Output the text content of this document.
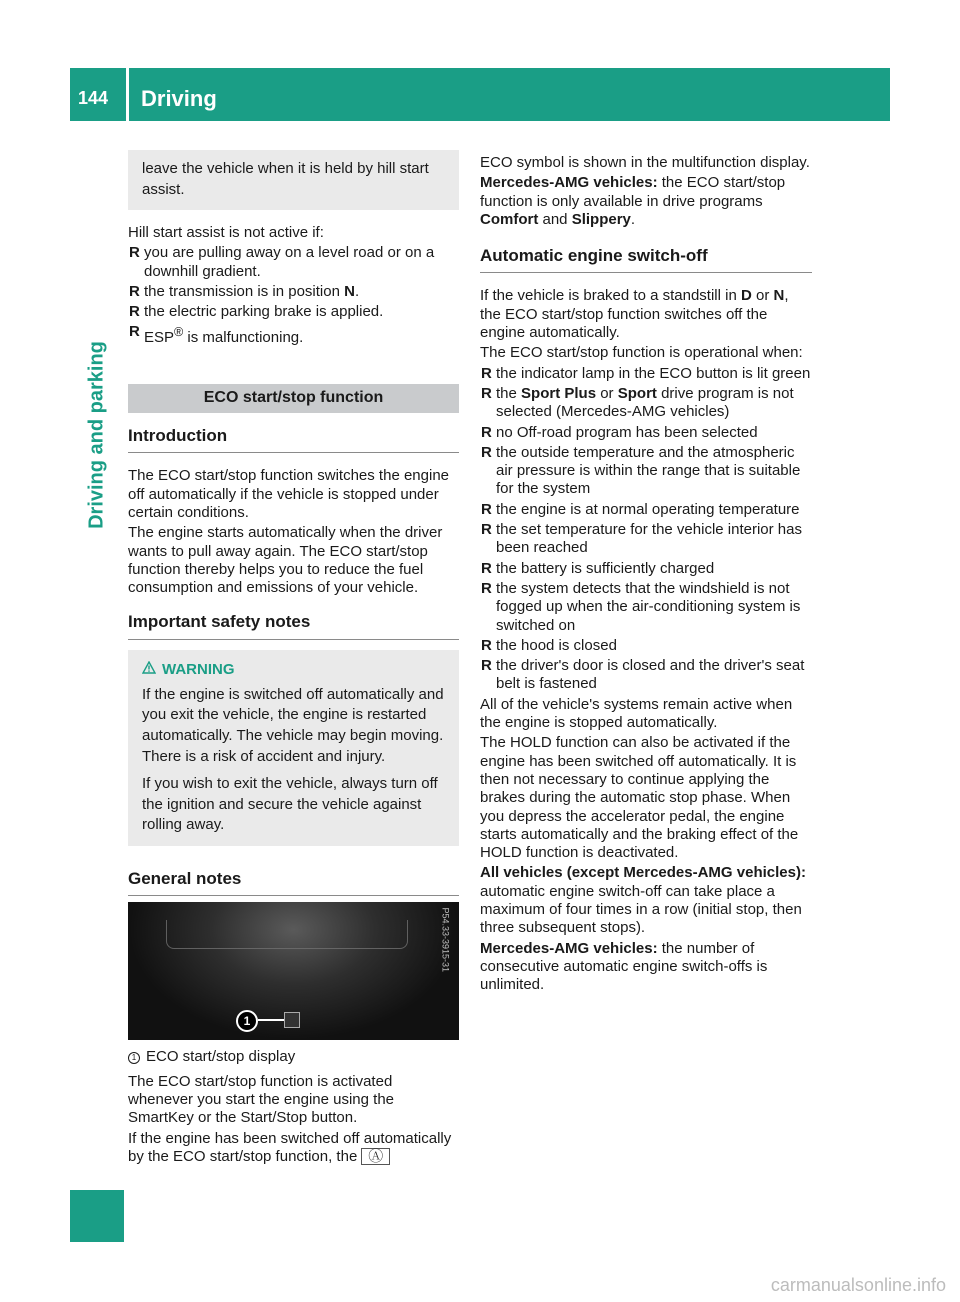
144 Driving
Driving and parking
leave the vehicle when it is held by hill start assist.

Hill start assist is not active if:

R you are pulling away on a level road or on a downhill gradient.
R the transmission is in position N.
R the electric parking brake is applied.
R ESP® is malfunctioning.
ECO start/stop function
Introduction

The ECO start/stop function switches the engine off automatically if the vehicle is stopped under certain conditions.

The engine starts automatically when the driver wants to pull away again. The ECO start/stop function thereby helps you to reduce the fuel consumption and emissions of your vehicle.

Important safety notes
WARNING

If the engine is switched off automatically and you exit the vehicle, the engine is restarted automatically. The vehicle may begin moving. There is a risk of accident and injury.

If you wish to exit the vehicle, always turn off the ignition and secure the vehicle against rolling away.

General notes
1
P54.33-3915-31

1 ECO start/stop display

The ECO start/stop function is activated whenever you start the engine using the SmartKey or the Start/Stop button.

If the engine has been switched off automatically by the ECO start/stop function, the Ⓐ

ECO symbol is shown in the multifunction display.

Mercedes-AMG vehicles: the ECO start/stop function is only available in drive programs Comfort and Slippery.

Automatic engine switch-off

If the vehicle is braked to a standstill in D or N, the ECO start/stop function switches off the engine automatically.

The ECO start/stop function is operational when:

R the indicator lamp in the ECO button is lit green
R the Sport Plus or Sport drive program is not selected (Mercedes-AMG vehicles)
R no Off-road program has been selected
R the outside temperature and the atmospheric air pressure is within the range that is suitable for the system
R the engine is at normal operating temperature
R the set temperature for the vehicle interior has been reached
R the battery is sufficiently charged
R the system detects that the windshield is not fogged up when the air-conditioning system is switched on
R the hood is closed
R the driver's door is closed and the driver's seat belt is fastened

All of the vehicle's systems remain active when the engine is stopped automatically.

The HOLD function can also be activated if the engine has been switched off automatically. It is then not necessary to continue applying the brakes during the automatic stop phase. When you depress the accelerator pedal, the engine starts automatically and the braking effect of the HOLD function is deactivated.

All vehicles (except Mercedes-AMG vehicles): automatic engine switch-off can take place a maximum of four times in a row (initial stop, then three subsequent stops).

Mercedes-AMG vehicles: the number of consecutive automatic engine switch-offs is unlimited.

carmanualsonline.info
